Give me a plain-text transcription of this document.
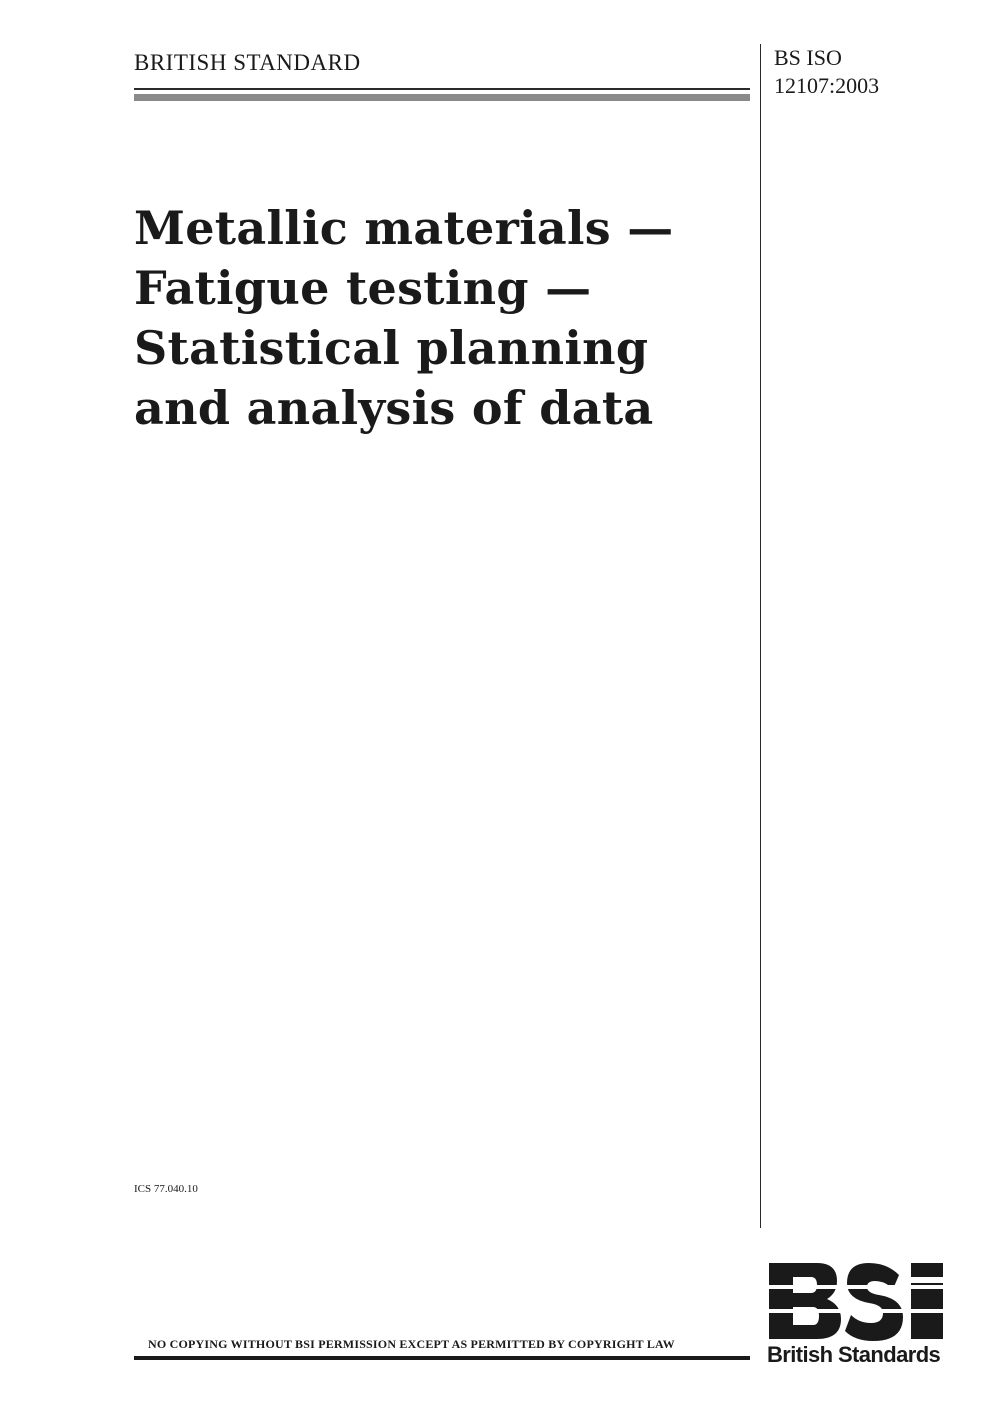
BRITISH STANDARD	BS ISO
12107:2003
Metallic materials —
Fatigue testing —
Statistical planning
and analysis of data
ICS 77.040.10
NO COPYING WITHOUT BSI PERMISSION EXCEPT AS PERMITTED BY COPYRIGHT LAW	British Standards
